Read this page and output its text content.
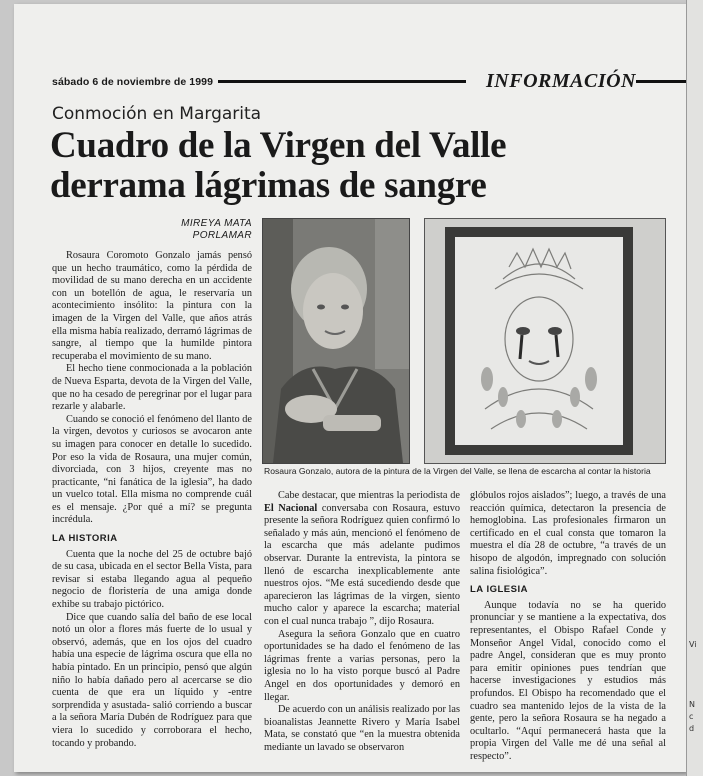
Vi
N
c
d
sábado 6 de noviembre de 1999	INFORMACIÓN
Conmoción en Margarita
Cuadro de la Virgen del Valle derrama lágrimas de sangre
MIREYA MATA
PORLAMAR

Rosaura Coromoto Gonzalo jamás pensó que un hecho traumático, como la pérdida de movilidad de su mano derecha en un accidente con un botellón de agua, le reservaría un acontecimiento insólito: la pintura con la imagen de la Virgen del Valle, que años atrás ella misma había realizado, derramó lágrimas de sangre, al tiempo que la humilde pintora recuperaba el movimiento de su mano.

El hecho tiene conmocionada a la población de Nueva Esparta, devota de la Virgen del Valle, que no ha cesado de peregrinar por el lugar para rezarle y alabarle.

Cuando se conoció el fenómeno del llanto de la virgen, devotos y curiosos se avocaron ante su imagen para conocer en detalle lo sucedido. Por eso la vida de Rosaura, una mujer común, divorciada, con 3 hijos, creyente mas no practicante, “ni fanática de la iglesia”, ha dado un vuelco total. Ella misma no comprende cuál es el mensaje. ¿Por qué a mí? se pregunta incrédula.

LA HISTORIA

Cuenta que la noche del 25 de octubre bajó de su casa, ubicada en el sector Bella Vista, para revisar si estaba llegando agua al pequeño negocio de floristería de una amiga donde exhibe su trabajo pictórico.

Dice que cuando salía del baño de ese local notó un olor a flores más fuerte de lo usual y observó, además, que en los ojos del cuadro había una especie de lágrima oscura que ella no había pintado. En un principio, pensó que algún niño lo había dañado pero al acercarse se dio cuenta de que era un líquido y -entre sorprendida y asustada- salió corriendo a buscar a la señora María Dubén de Rodríguez para que viera lo sucedido y corroborara el hecho, tocando y probando.

Rosaura Gonzalo, autora de la pintura de la Virgen del Valle, se llena de escarcha al contar la historia

Cabe destacar, que mientras la periodista de El Nacional conversaba con Rosaura, estuvo presente la señora Rodríguez quien confirmó lo señalado y más aún, mencionó el fenómeno de la escarcha que más adelante pudimos observar. Durante la entrevista, la pintora se llenó de escarcha inexplicablemente ante nuestros ojos. “Me está sucediendo desde que aparecieron las lágrimas de la virgen, siento mucho calor y aparece la escarcha; material con el cual nunca trabajo ”, dijo Rosaura.

Asegura la señora Gonzalo que en cuatro oportunidades se ha dado el fenómeno de las lágrimas frente a varias personas, pero la iglesia no lo ha visto porque buscó al Padre Angel en dos oportunidades y demoró en llegar.

De acuerdo con un análisis realizado por las bioanalistas Jeannette Rivero y María Isabel Mata, se constató que “en la muestra obtenida mediante un lavado se observaron

glóbulos rojos aislados”; luego, a través de una reacción química, detectaron la presencia de hemoglobina. Las profesionales firmaron un certificado en el cual consta que tomaron la muestra el día 28 de octubre, “a través de un hisopo de algodón, impregnado con solución salina fisiológica”.

LA IGLESIA

Aunque todavía no se ha querido pronunciar y se mantiene a la expectativa, dos representantes, el Obispo Rafael Conde y Monseñor Angel Vidal, conocido como el padre Angel, consideran que es muy pronto para emitir opiniones pues tendrían que hacerse investigaciones y estudios más profundos. El Obispo ha recomendado que el cuadro sea mantenido lejos de la vista de la gente, pero la señora Rosaura se ha negado a ocultarlo. “Aquí permanecerá hasta que la propia Virgen del Valle me dé una señal al respecto”.
